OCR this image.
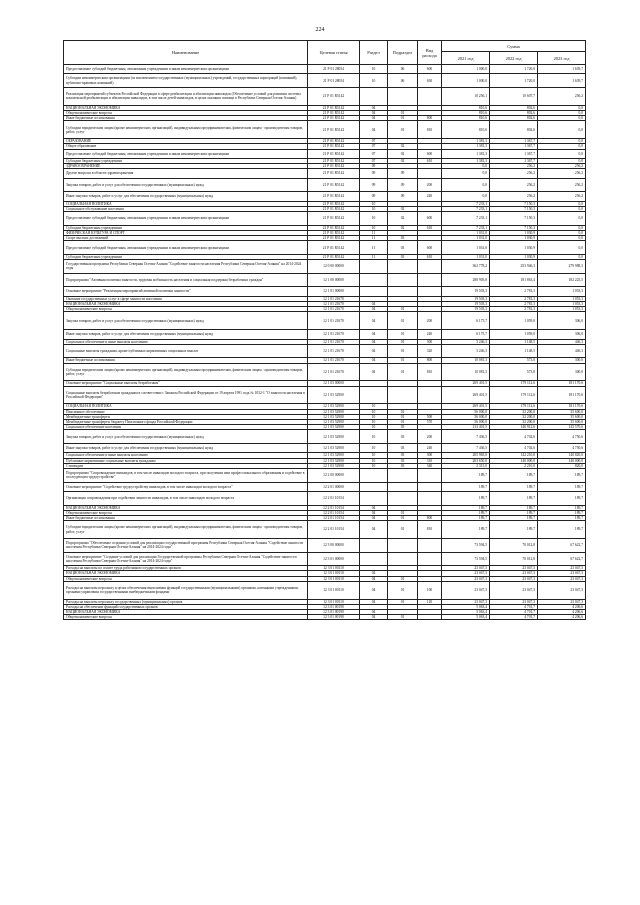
224
Наименование	Целевая статья	Раздел	Подраздел	Вид расхода	Сумма		
					2021 год	2022 год	2023 год
Предоставление субсидий бюджетным, автономным учреждениям и иным некоммерческим организациям	21 Р 01 28054	10	06	600	1 000,0	1 720,0	1 639,7
Субсидии некоммерческим организациям (за исключением государственных (муниципальных) учреждений, государственных корпораций (компаний), публично-правовых компаний)	21 Р 01 28054	10	06	630	1 000,0	1 720,0	1 639,7
Реализация мероприятий субъектов Российской Федерации в сфере реабилитации и абилитации инвалидов (Обеспечение условий для развития системы комплексной реабилитации и абилитации инвалидов, в том числе детей-инвалидов, в целях оказания помощи в Республике Северная Осетия-Алания)	21 Р 01 R5142				10 256,1	10 607,7	256,2
НАЦИОНАЛЬНАЯ ЭКОНОМИКА	21 Р 01 R5142	04			810,6	802,6	0,0
Общеэкономические вопросы	21 Р 01 R5142	04	01		810,6	802,6	0,0
Иные бюджетные ассигнования	21 Р 01 R5142	04	01	800	810,6	802,6	0,0
Субсидии юридическим лицам (кроме некоммерческих организаций), индивидуальным предпринимателям, физическим лицам - производителям товаров, работ, услуг	21 Р 01 R5142	04	01	810	810,6	802,6	0,0
ОБРАЗОВАНИЕ	21 Р 01 R5142	07			1 381,3	1 367,7	0,0
Общее образование	21 Р 01 R5142	07	02		1 381,3	1 367,7	0,0
Предоставление субсидий бюджетным, автономным учреждениям и иным некоммерческим организациям	21 Р 01 R5142	07	02	600	1 381,3	1 367,7	0,0
Субсидии бюджетным учреждениям	21 Р 01 R5142	07	02	610	1 381,3	1 367,7	0,0
ЗДРАВООХРАНЕНИЕ	21 Р 01 R5142	09			0,0	256,2	256,2
Другие вопросы в области здравоохранения	21 Р 01 R5142	09	09		0,0	256,2	256,2
Закупка товаров, работ и услуг для обеспечения государственных (муниципальных) нужд	21 Р 01 R5142	09	09	200	0,0	256,2	256,2
Иные закупки товаров, работ и услуг для обеспечения государственных (муниципальных) нужд	21 Р 01 R5142	09	09	240	0,0	256,2	256,2
СОЦИАЛЬНАЯ ПОЛИТИКА	21 Р 01 R5142	10			7 233,1	7 150,3	0,0
Социальное обслуживание населения	21 Р 01 R5142	10	02		7 233,1	7 150,3	0,0
Предоставление субсидий бюджетным, автономным учреждениям и иным некоммерческим организациям	21 Р 01 R5142	10	02	600	7 233,1	7 150,3	0,0
Субсидии бюджетным учреждениям	21 Р 01 R5142	10	02	610	7 233,1	7 150,3	0,0
ФИЗИЧЕСКАЯ КУЛЬТУРА И СПОРТ	21 Р 01 R5142	11			1 031,0	1 030,9	0,0
Спорт высших достижений	21 Р 01 R5142	11	03		1 031,0	1 030,9	0,0
Предоставление субсидий бюджетным, автономным учреждениям и иным некоммерческим организациям	21 Р 01 R5142	11	03	600	1 031,0	1 030,9	0,0
Субсидии бюджетным учреждениям	21 Р 01 R5142	11	03	610	1 031,0	1 030,9	0,0
Государственная программа Республики Северная Осетия-Алания "Содействие занятости населения Республики Северная Осетия-Алания" на 2014-2024 годы	12 0 00 00000				362 778,2	253 946,3	279 988,3
Подпрограмма "Активная политика занятости, трудовая мобильность населения и социальная поддержка безработных граждан"	12 1 00 00000				288 905,8	181 863,4	182 225,5
Основное мероприятие "Реализация мероприятий активной политики занятости"	12 1 01 00000				19 503,3	2 781,3	1 053,3
Оказание государственных услуг в сфере занятости населения	12 1 01 21670				19 503,3	2 781,3	1 053,3
НАЦИОНАЛЬНАЯ ЭКОНОМИКА	12 1 01 21670	04			19 503,3	2 781,3	1 053,3
Общеэкономические вопросы	12 1 01 21670	04	01		19 503,3	2 781,3	1 053,3
Закупка товаров, работ и услуг для обеспечения государственных (муниципальных) нужд	12 1 01 21670	04	01	200	6 175,7	1 059,0	306,0
Иные закупки товаров, работ и услуг для обеспечения государственных (муниципальных) нужд	12 1 01 21670	04	01	240	6 175,7	1 059,0	306,0
Социальное обеспечение и иные выплаты населению	12 1 01 21670	04	01	300	3 246,3	1 148,5	446,3
Социальные выплаты гражданам, кроме публичных нормативных социальных выплат	12 1 01 21670	04	01	320	3 246,3	1 148,5	446,3
Иные бюджетные ассигнования	12 1 01 21670	04	01	800	10 081,3	573,8	300,0
Субсидии юридическим лицам (кроме некоммерческих организаций), индивидуальным предпринимателям, физическим лицам - производителям товаров, работ, услуг	12 1 01 21670	04	01	810	10 081,3	573,8	300,0
Основное мероприятие "Социальные выплаты безработным"	12 1 03 00000				269 401,5	179 112,6	181 170,6
Социальные выплаты безработным гражданам в соответствии с Законом Российской Федерации от 19 апреля 1991 года № 1032-1 "О занятости населения в Российской Федерации"	12 1 03 52900				269 401,5	179 112,6	181 170,6
СОЦИАЛЬНАЯ ПОЛИТИКА	12 1 03 52900	10			269 401,5	179 112,6	181 170,6
Пенсионное обеспечение	12 1 03 52900	10	01		56 000,0	32 200,0	35 600,0
Межбюджетные трансферты	12 1 03 52900	10	01	500	56 000,0	32 200,0	35 600,0
Межбюджетные трансферты бюджету Пенсионного фонда Российской Федерации	12 1 03 52900	10	01	570	56 000,0	32 200,0	35 600,0
Социальное обеспечение населения	12 1 03 52900	10	03		213 401,5	146 912,6	145 570,6
Закупка товаров, работ и услуг для обеспечения государственных (муниципальных) нужд	12 1 03 52900	10	03	200	7 436,5	4 702,6	4 750,6
Иные закупки товаров, работ и услуг для обеспечения государственных (муниципальных) нужд	12 1 03 52900	10	03	240	7 436,5	4 702,6	4 750,6
Социальное обеспечение и иные выплаты населению	12 1 03 52900	10	03	300	205 965,0	142 210,0	140 820,0
Публичные нормативные социальные выплаты гражданам	12 1 03 52900	10	03	310	203 650,0	140 000,0	140 000,0
Стипендии	12 1 03 52900	10	03	340	2 315,0	2 210,0	820,0
Подпрограмма "Сопровождение инвалидов, в том числе инвалидов молодого возраста, при получении ими профессионального образования и содействие в последующем трудоустройстве"	12 2 00 00000				189,7	189,7	189,7
Основное мероприятие "Содействие трудоустройству инвалидов, в том числе инвалидов молодого возраста"	12 2 01 00000				189,7	189,7	189,7
Организация сопровождения при содействии занятости инвалидов, в том числе инвалидов молодого возраста	12 2 01 10154				189,7	189,7	189,7
НАЦИОНАЛЬНАЯ ЭКОНОМИКА	12 2 01 10154	04			189,7	189,7	189,7
Общеэкономические вопросы	12 2 01 10154	04	01		189,7	189,7	189,7
Иные бюджетные ассигнования	12 2 01 10154	04	01	800	189,7	189,7	189,7
Субсидии юридическим лицам (кроме некоммерческих организаций), индивидуальным предпринимателям, физическим лицам - производителям товаров, работ, услуг	12 2 01 10154	04	01	810	189,7	189,7	189,7
Подпрограмма "Обеспечение создания условий для реализации государственной программы Республики Северная Осетия-Алания "Содействие занятости населения Республики Северная Осетия-Алания" на 2014-2024 годы"	12 3 00 00000				73 594,5	70 012,8	67 622,7
Основное мероприятие "Создание условий для реализации Государственной программы Республики Северная Осетия-Алания "Содействие занятости населения Республики Северная Осетия-Алания" на 2014-2024 годы"	12 3 01 00000				73 594,5	70 012,8	67 622,7
Расходы на выплаты по оплате труда работников государственных органов	12 3 01 00110				23 047,3	23 047,3	23 047,3
НАЦИОНАЛЬНАЯ ЭКОНОМИКА	12 3 01 00110	04			23 047,3	23 047,3	23 047,3
Общеэкономические вопросы	12 3 01 00110	04	01		23 047,3	23 047,3	23 047,3
Расходы на выплаты персоналу в целях обеспечения выполнения функций государственными (муниципальными) органами, казенными учреждениями, органами управления государственными внебюджетными фондами	12 3 01 00110	04	01	100	23 047,3	23 047,3	23 047,3
Расходы на выплаты персоналу государственных (муниципальных) органов	12 3 01 00110	04	01	120	23 047,3	23 047,3	23 047,3
Расходы на обеспечение функций государственных органов	12 3 01 00190				5 063,4	4 701,7	4 206,6
НАЦИОНАЛЬНАЯ ЭКОНОМИКА	12 3 01 00190	04			5 063,4	4 701,7	4 206,6
Общеэкономические вопросы	12 3 01 00190	04	01		5 063,4	4 701,7	4 206,6
